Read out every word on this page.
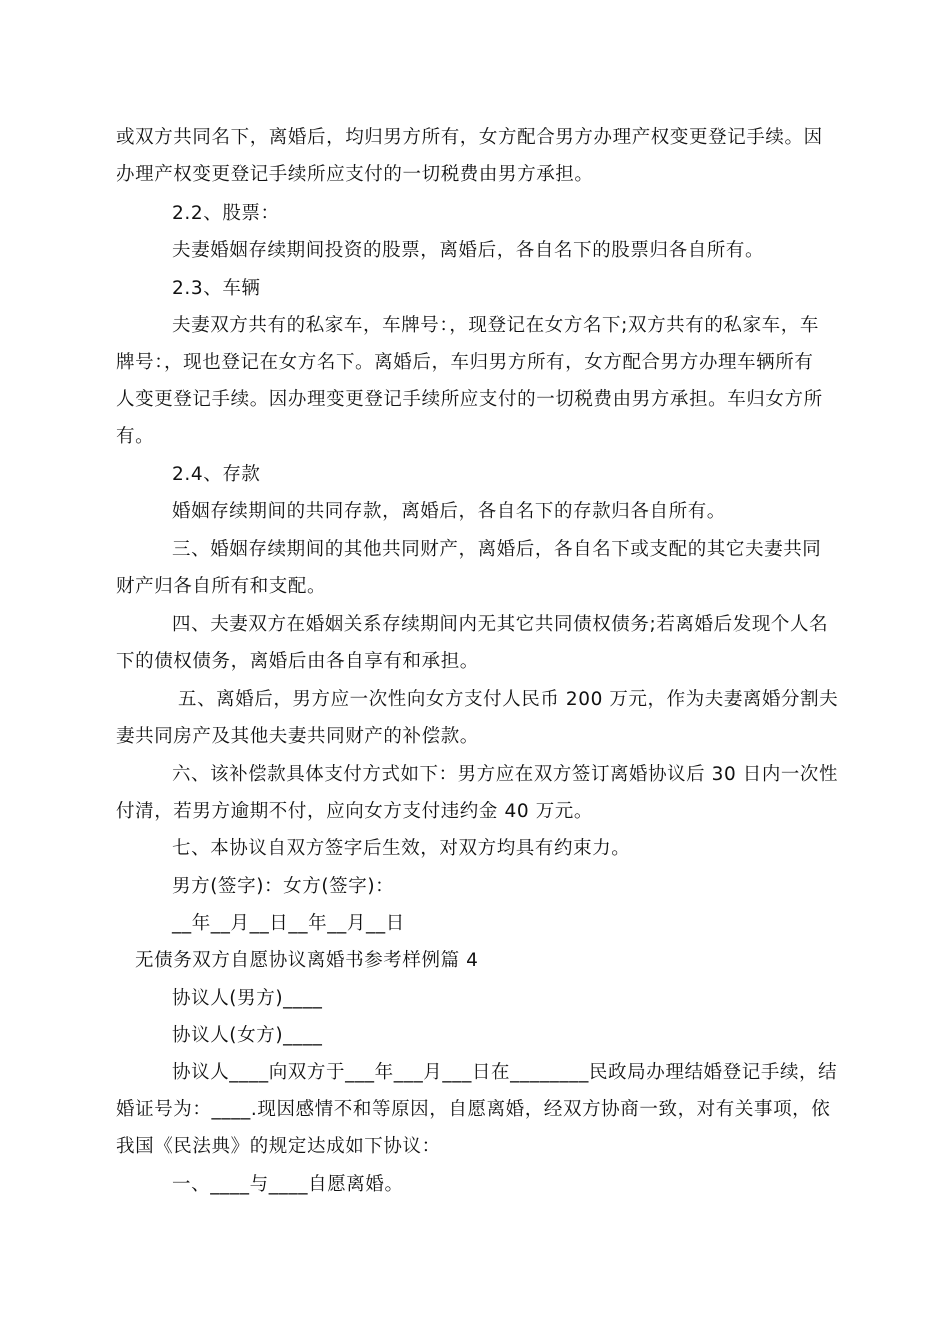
或双方共同名下，离婚后，均归男方所有，女方配合男方办理产权变更登记手续。因
办理产权变更登记手续所应支付的一切税费由男方承担。
2.2、股票：
夫妻婚姻存续期间投资的股票，离婚后，各自名下的股票归各自所有。
2.3、车辆
夫妻双方共有的私家车，车牌号：，现登记在女方名下;双方共有的私家车，车
牌号：，现也登记在女方名下。离婚后，车归男方所有，女方配合男方办理车辆所有
人变更登记手续。因办理变更登记手续所应支付的一切税费由男方承担。车归女方所
有。
2.4、存款
婚姻存续期间的共同存款，离婚后，各自名下的存款归各自所有。
三、婚姻存续期间的其他共同财产，离婚后，各自名下或支配的其它夫妻共同
财产归各自所有和支配。
四、夫妻双方在婚姻关系存续期间内无其它共同债权债务;若离婚后发现个人名
下的债权债务，离婚后由各自享有和承担。
五、离婚后，男方应一次性向女方支付人民币 200 万元，作为夫妻离婚分割夫
妻共同房产及其他夫妻共同财产的补偿款。
六、该补偿款具体支付方式如下：男方应在双方签订离婚协议后 30 日内一次性
付清，若男方逾期不付，应向女方支付违约金 40 万元。
七、本协议自双方签字后生效，对双方均具有约束力。
男方(签字)：女方(签字)：
__年__月__日__年__月__日
无债务双方自愿协议离婚书参考样例篇 4
协议人(男方)____
协议人(女方)____
协议人____向双方于___年___月___日在________民政局办理结婚登记手续，结
婚证号为：____.现因感情不和等原因，自愿离婚，经双方协商一致，对有关事项，依
我国《民法典》的规定达成如下协议：
一、____与____自愿离婚。
